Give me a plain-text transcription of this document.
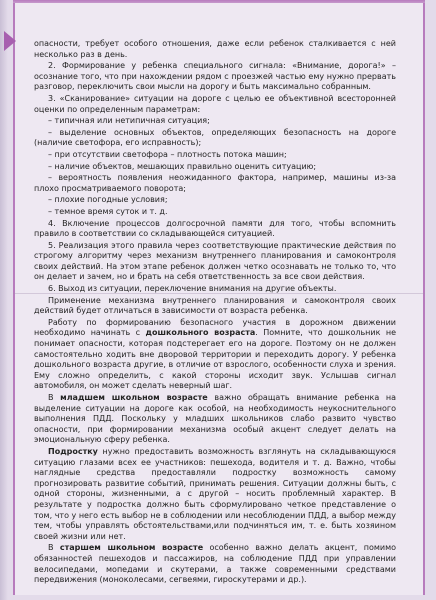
опасности, требует особого отношения, даже если ребенок сталкивается с ней несколько раз в день.

2. Формирование у ребенка специального сигнала: «Внимание, дорога!» – осознание того, что при нахождении рядом с проезжей частью ему нужно прервать разговор, переключить свои мысли на дорогу и быть максимально собранным.

3. «Сканирование» ситуации на дороге с целью ее объективной всесторонней оценки по определенным параметрам:

– типичная или нетипичная ситуация;

– выделение основных объектов, определяющих безопасность на дороге (наличие светофора, его исправность);

– при отсутствии светофора – плотность потока машин;

– наличие объектов, мешающих правильно оценить ситуацию;

– вероятность появления неожиданного фактора, например, машины из-за плохо просматриваемого поворота;

– плохие погодные условия;

– темное время суток и т. д.

4. Включение процессов долгосрочной памяти для того, чтобы вспомнить правило в соответствии со складывающейся ситуацией.

5. Реализация этого правила через соответствующие практические действия по строгому алгоритму через механизм внутреннего планирования и самоконтроля своих действий. На этом этапе ребенок должен четко осознавать не только то, что он делает и зачем, но и брать на себя ответственность за все свои действия.

6. Выход из ситуации, переключение внимания на другие объекты.

Применение механизма внутреннего планирования и самоконтроля своих действий будет отличаться в зависимости от возраста ребенка.

Работу по формированию безопасного участия в дорожном движении необходимо начинать с дошкольного возраста. Помните, что дошкольник не понимает опасности, которая подстерегает его на дороге. Поэтому он не должен самостоятельно ходить вне дворовой территории и переходить дорогу. У ребенка дошкольного возраста другие, в отличие от взрослого, особенности слуха и зрения. Ему сложно определить, с какой стороны исходит звук. Услышав сигнал автомобиля, он может сделать неверный шаг.

В младшем школьном возрасте важно обращать внимание ребенка на выделение ситуации на дороге как особой, на необходимость неукоснительного выполнения ПДД. Поскольку у младших школьников слабо развито чувство опасности, при формировании механизма особый акцент следует делать на эмоциональную сферу ребенка.

Подростку нужно предоставить возможность взглянуть на складывающуюся ситуацию глазами всех ее участников: пешехода, водителя и т. д. Важно, чтобы наглядные средства предоставляли подростку возможность самому прогнозировать развитие событий, принимать решения. Ситуации должны быть, с одной стороны, жизненными, а с другой – носить проблемный характер. В результате у подростка должно быть сформулировано четкое представление о том, что у него есть выбор не в соблюдении или несоблюдении ПДД, а выбор между тем, чтобы управлять обстоятельствами,или подчиняться им, т. е. быть хозяином своей жизни или нет.

В старшем школьном возрасте особенно важно делать акцент, помимо обязанностей пешеходов и пассажиров, на соблюдение ПДД при управлении велосипедами, мопедами и скутерами, а также современными средствами передвижения (моноколесами, сегвеями, гироскутерами и др.).
